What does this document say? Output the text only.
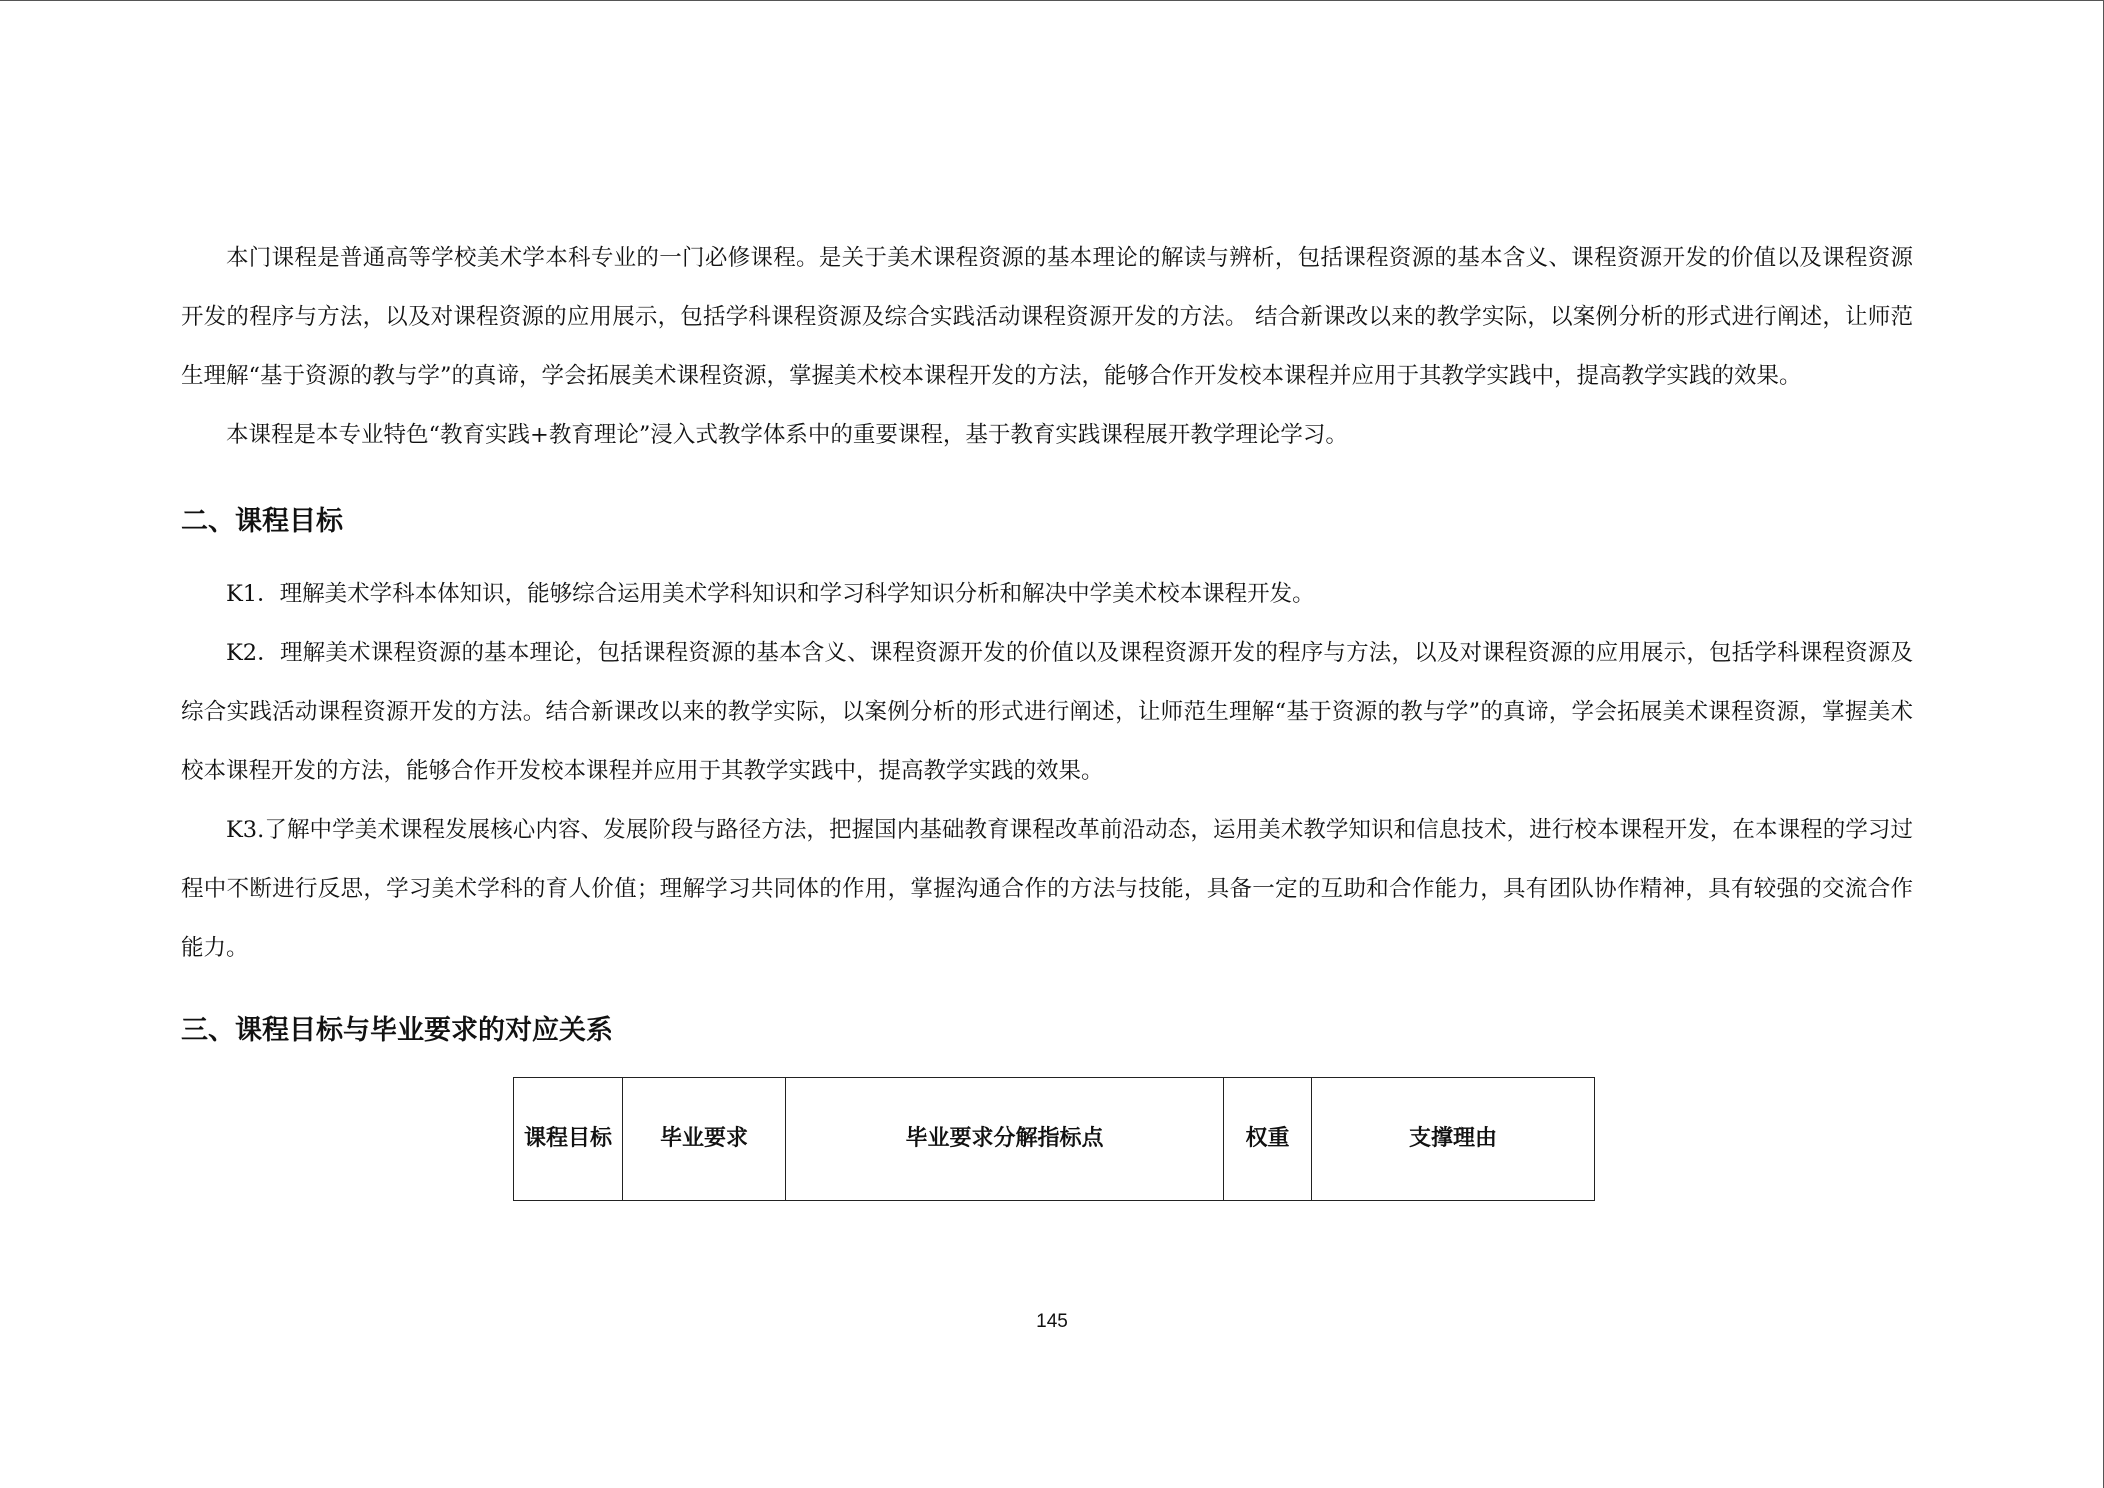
本门课程是普通高等学校美术学本科专业的一门必修课程。是关于美术课程资源的基本理论的解读与辨析，包括课程资源的基本含义、课程资源开发的价值以及课程资源开发的程序与方法，以及对课程资源的应用展示，包括学科课程资源及综合实践活动课程资源开发的方法。 结合新课改以来的教学实际，以案例分析的形式进行阐述，让师范生理解“基于资源的教与学”的真谛，学会拓展美术课程资源，掌握美术校本课程开发的方法，能够合作开发校本课程并应用于其教学实践中，提高教学实践的效果。

本课程是本专业特色“教育实践+教育理论”浸入式教学体系中的重要课程，基于教育实践课程展开教学理论学习。

二、课程目标

K1．理解美术学科本体知识，能够综合运用美术学科知识和学习科学知识分析和解决中学美术校本课程开发。

K2．理解美术课程资源的基本理论，包括课程资源的基本含义、课程资源开发的价值以及课程资源开发的程序与方法，以及对课程资源的应用展示，包括学科课程资源及综合实践活动课程资源开发的方法。结合新课改以来的教学实际，以案例分析的形式进行阐述，让师范生理解“基于资源的教与学”的真谛，学会拓展美术课程资源，掌握美术校本课程开发的方法，能够合作开发校本课程并应用于其教学实践中，提高教学实践的效果。

K3.了解中学美术课程发展核心内容、发展阶段与路径方法，把握国内基础教育课程改革前沿动态，运用美术教学知识和信息技术，进行校本课程开发，在本课程的学习过程中不断进行反思，学习美术学科的育人价值；理解学习共同体的作用，掌握沟通合作的方法与技能，具备一定的互助和合作能力，具有团队协作精神，具有较强的交流合作能力。

三、课程目标与毕业要求的对应关系
课程目标	毕业要求	毕业要求分解指标点	权重	支撑理由
145
